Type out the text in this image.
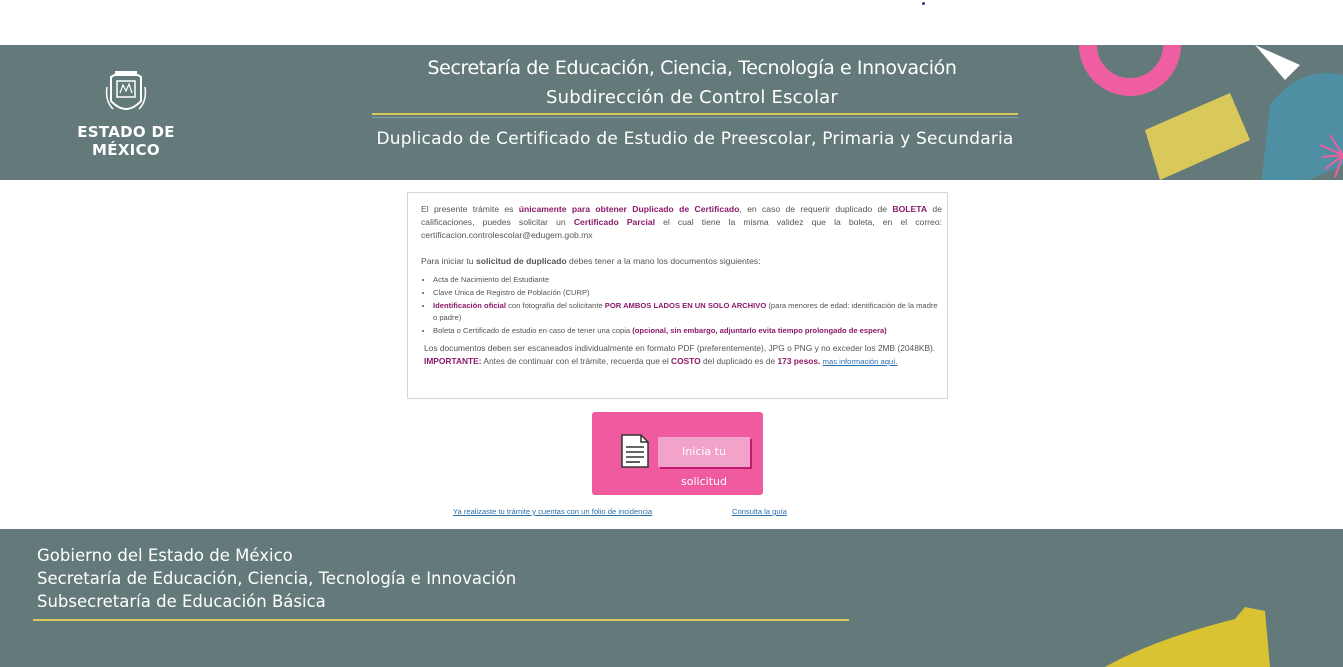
ESTADO DE MÉXICO
Secretaría de Educación, Ciencia, Tecnología e Innovación
Subdirección de Control Escolar
Duplicado de Certificado de Estudio de Preescolar, Primaria y Secundaria

El presente trámite es únicamente para obtener Duplicado de Certificado, en caso de requerir duplicado de BOLETA de calificaciones, puedes solicitar un Certificado Parcial el cual tiene la misma validez que la boleta, en el correo: certificacion.controlescolar@edugem.gob.mx

Para iniciar tu solicitud de duplicado debes tener a la mano los documentos siguientes:

• Acta de Nacimiento del Estudiante
• Clave Única de Registro de Población (CURP)
• Identificación oficial con fotografía del solicitante POR AMBOS LADOS EN UN SOLO ARCHIVO (para menores de edad: identificación de la madre o padre)
• Boleta o Certificado de estudio en caso de tener una copia (opcional, sin embargo, adjuntarlo evita tiempo prolongado de espera)
Los documentos deben ser escaneados individualmente en formato PDF (preferentemente), JPG o PNG y no exceder los 2MB (2048KB).
IMPORTANTE: Antes de continuar con el trámite, recuerda que el COSTO del duplicado es de 173 pesos. mas información aquí.
Inicia tu solicitud
Ya realizaste tu trámite y cuentas con un folio de incidencia	Consulta la guía
Gobierno del Estado de México
Secretaría de Educación, Ciencia, Tecnología e Innovación
Subsecretaría de Educación Básica
